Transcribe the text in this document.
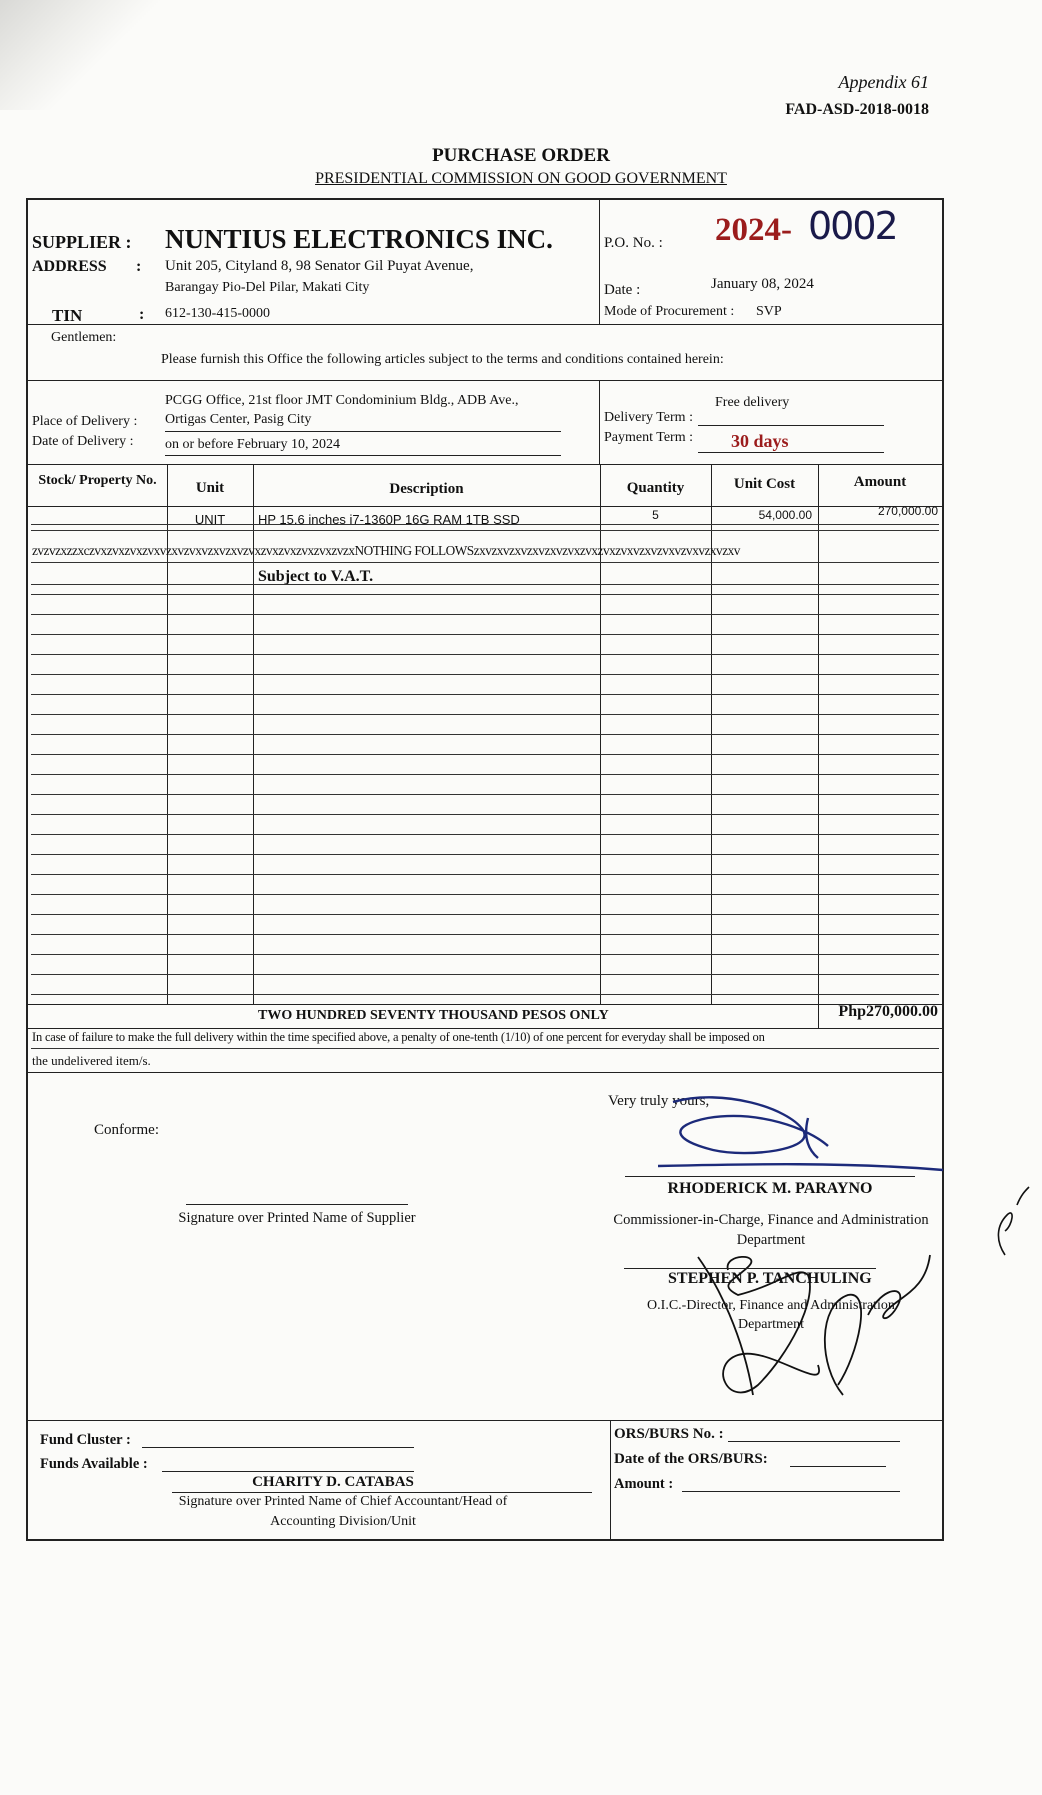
Appendix 61
FAD-ASD-2018-0018
PURCHASE ORDER
PRESIDENTIAL COMMISSION ON GOOD GOVERNMENT
SUPPLIER : NUNTIUS ELECTRONICS INC.
ADDRESS : Unit 205, Cityland 8, 98 Senator Gil Puyat Avenue,
Barangay Pio-Del Pilar, Makati City
TIN	: 612-130-415-0000
P.O. No. : 2024- 0002
Date :	January 08, 2024
Mode of Procurement : SVP
Gentlemen:
Please furnish this Office the following articles subject to the terms and conditions contained herein:
PCGG Office, 21st floor JMT Condominium Bldg., ADB Ave.,
Place of Delivery : Ortigas Center, Pasig City
Date of Delivery : on or before February 10, 2024
Free delivery
Delivery Term :
Payment Term : 30 days
Stock/ Property No.	Unit	Description	Quantity	Unit Cost	Amount
UNIT	HP 15.6 inches i7-1360P 16G RAM 1TB SSD	5	54,000.00	270,000.00
zvzvzxzzxczvxzvxzvxzvxvzxvzvxvzxvzxvzvxzvxzvxzvxzvxzvzxNOTHING FOLLOWSzxvzxvzxvzxvzxvzvxzvxzvxzvxvzxvzvxvzvxvzxvzxv
Subject to V.A.T.
TWO HUNDRED SEVENTY THOUSAND PESOS ONLY	Php270,000.00
In case of failure to make the full delivery within the time specified above, a penalty of one-tenth (1/10) of one percent for everyday shall be imposed on
the undelivered item/s.
Very truly yours,
Conforme:
RHODERICK M. PARAYNO
Commissioner-in-Charge, Finance and Administration
Department
Signature over Printed Name of Supplier
STEPHEN P. TANCHULING
O.I.C.-Director, Finance and Administration
Department
Fund Cluster :
Funds Available :
CHARITY D. CATABAS
Signature over Printed Name of Chief Accountant/Head of
Accounting Division/Unit
ORS/BURS No. :
Date of the ORS/BURS:
Amount :
